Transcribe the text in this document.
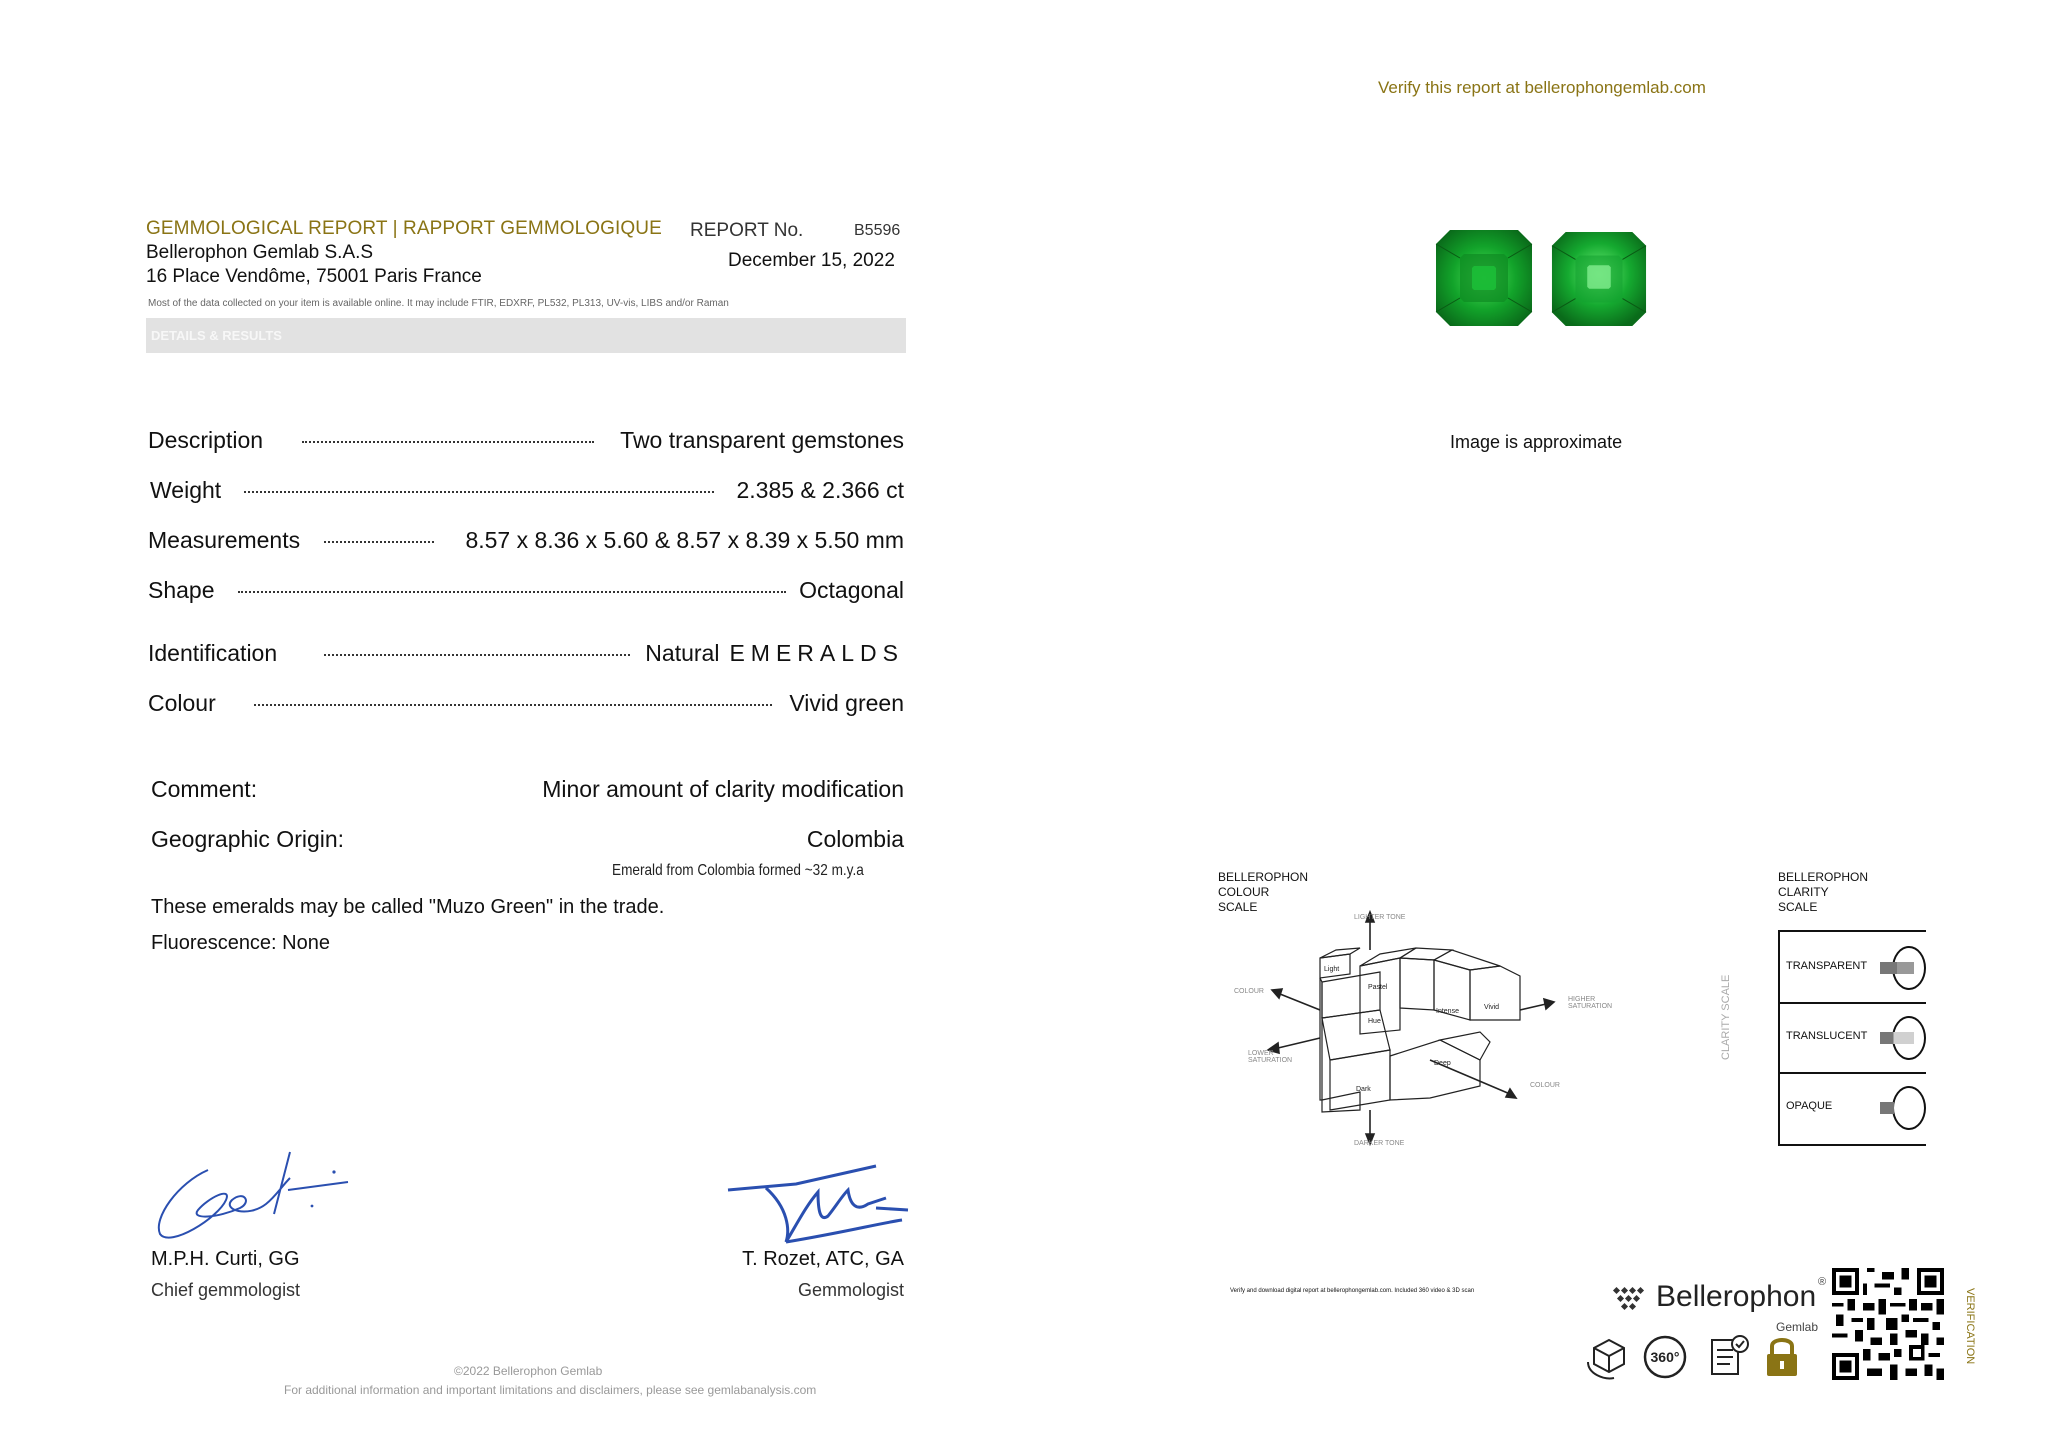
Verify this report at bellerophongemlab.com
GEMMOLOGICAL REPORT | RAPPORT GEMMOLOGIQUE
Bellerophon Gemlab S.A.S
16 Place Vendôme, 75001 Paris France
REPORT No.	B5596
December 15, 2022
Most of the data collected on your item is available online. It may include FTIR, EDXRF, PL532, PL313, UV-vis, LIBS and/or Raman
DETAILS & RESULTS
Description	Two transparent gemstones
Weight	2.385 & 2.366 ct
Measurements	8.57 x 8.36 x 5.60 & 8.57 x 8.39 x 5.50 mm
Shape	Octagonal
Identification	Natural EMERALDS
Colour	Vivid green
Comment:	Minor amount of clarity modification
Geographic Origin:	Colombia
Emerald from Colombia formed ~32 m.y.a
These emeralds may be called "Muzo Green" in the trade.
Fluorescence: None
M.P.H. Curti, GG
Chief gemmologist
T. Rozet, ATC, GA
Gemmologist
©2022 Bellerophon Gemlab
For additional information and important limitations and disclaimers, please see gemlabanalysis.com
Image is approximate
BELLEROPHON
COLOUR
SCALE
LIGHTER TONE
DARKER TONE
COLOUR
COLOUR
LOWER
SATURATION
HIGHER
SATURATION
Light
Pastel
Hue
Intense
Vivid
Deep
Dark
BELLEROPHON
CLARITY
SCALE
CLARITY SCALE
TRANSPARENT
TRANSLUCENT
OPAQUE
Verify and download digital report at bellerophongemlab.com. Included 360 video & 3D scan	Bellerophon ®
Gemlab
360°	VERIFICATION
